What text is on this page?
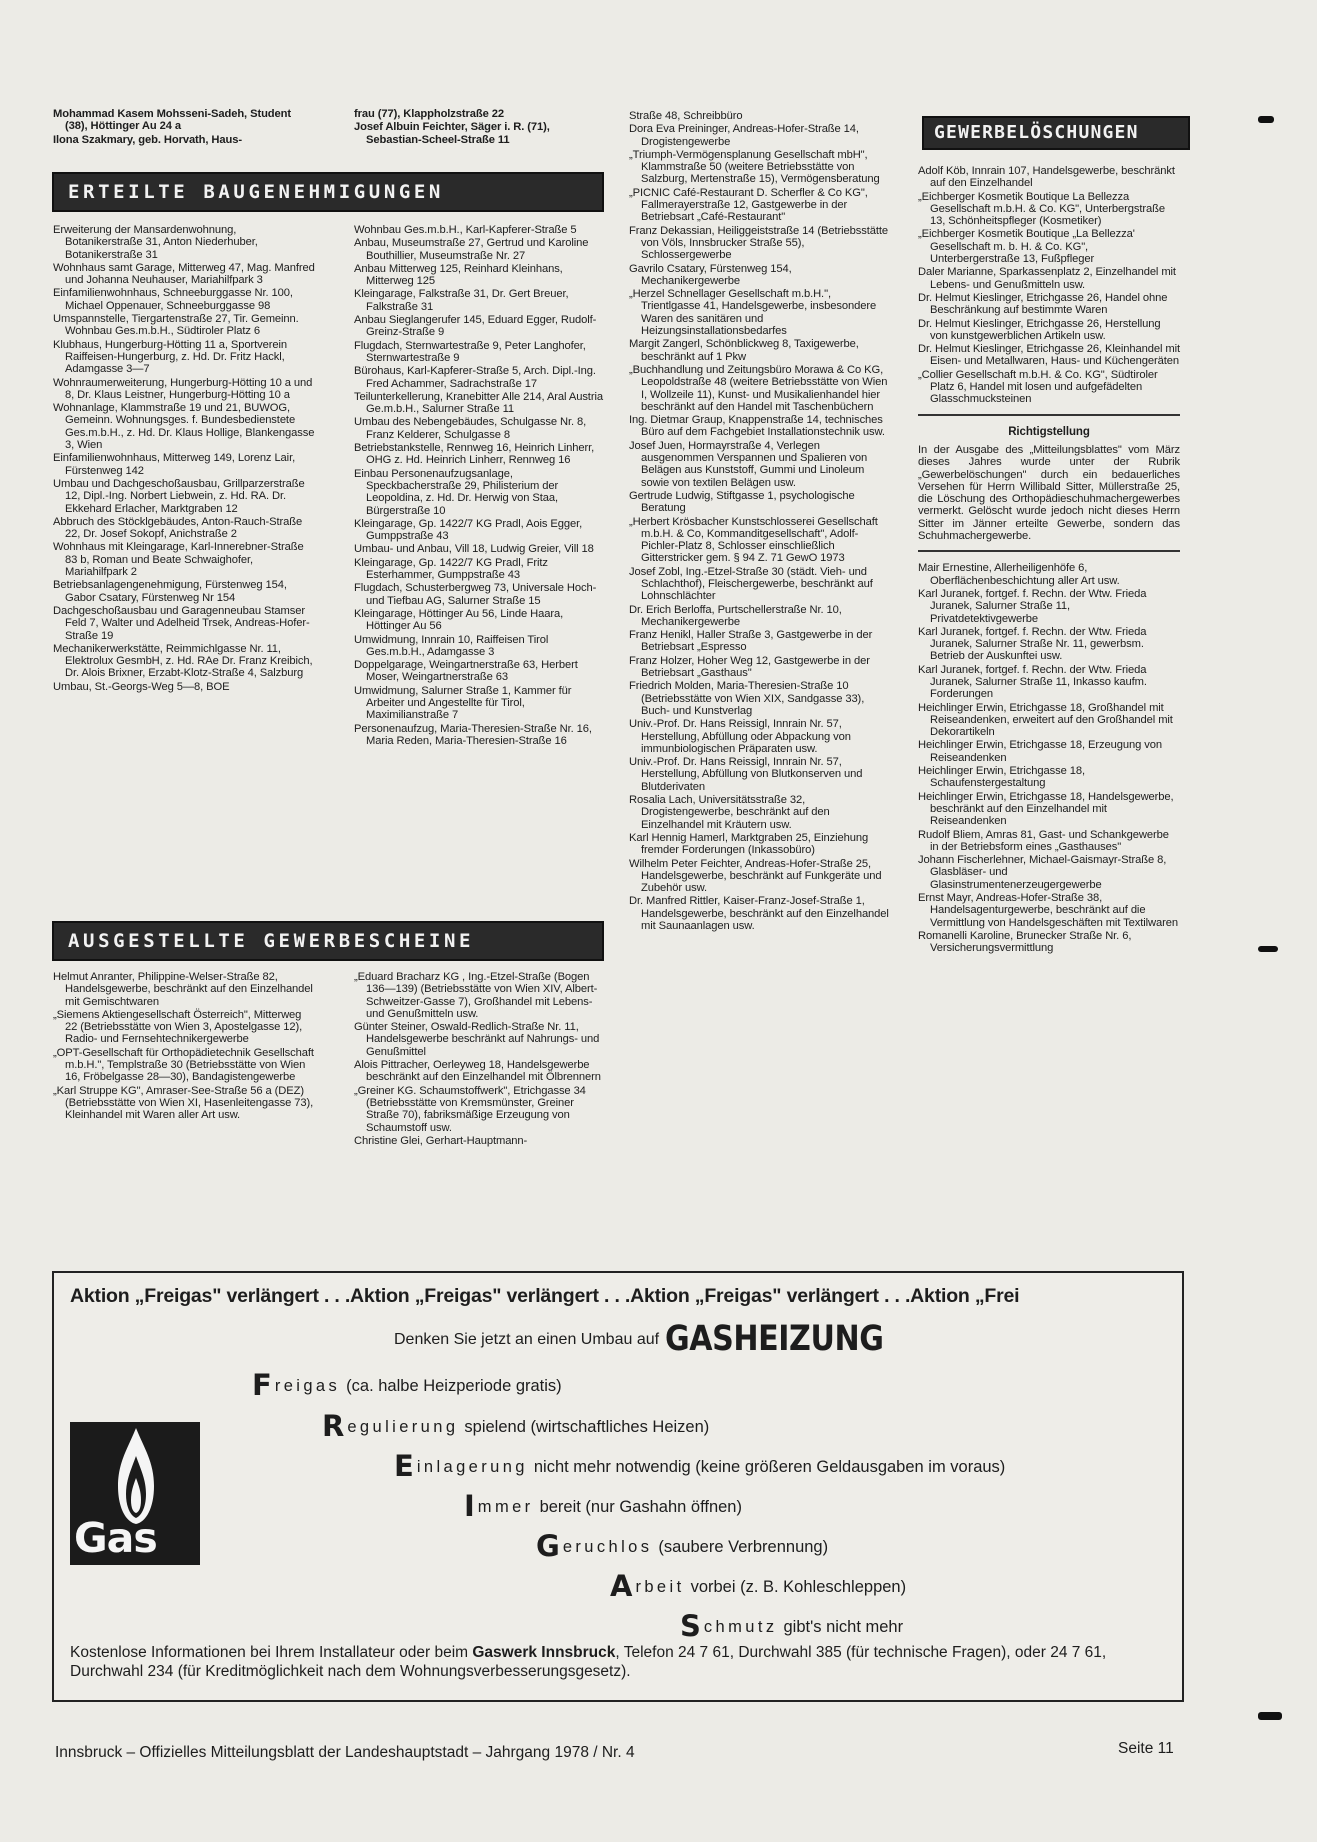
Mohammad Kasem Mohsseni-Sadeh, Student (38), Höttinger Au 24 a

Ilona Szakmary, geb. Horvath, Haus-

frau (77), Klappholzstraße 22

Josef Albuin Feichter, Säger i. R. (71), Sebastian-Scheel-Straße 11

ERTEILTE BAUGENEHMIGUNGEN

Erweiterung der Mansardenwohnung, Botanikerstraße 31, Anton Niederhuber, Botanikerstraße 31

Wohnhaus samt Garage, Mitterweg 47, Mag. Manfred und Johanna Neuhauser, Mariahilfpark 3

Einfamilienwohnhaus, Schneeburggasse Nr. 100, Michael Oppenauer, Schneeburggasse 98

Umspannstelle, Tiergartenstraße 27, Tir. Gemeinn. Wohnbau Ges.m.b.H., Südtiroler Platz 6

Klubhaus, Hungerburg-Hötting 11 a, Sportverein Raiffeisen-Hungerburg, z. Hd. Dr. Fritz Hackl, Adamgasse 3—7

Wohnraumerweiterung, Hungerburg-Hötting 10 a und 8, Dr. Klaus Leistner, Hungerburg-Hötting 10 a

Wohnanlage, Klammstraße 19 und 21, BUWOG, Gemeinn. Wohnungsges. f. Bundesbedienstete Ges.m.b.H., z. Hd. Dr. Klaus Hollige, Blankengasse 3, Wien

Einfamilienwohnhaus, Mitterweg 149, Lorenz Lair, Fürstenweg 142

Umbau und Dachgeschoßausbau, Grillparzerstraße 12, Dipl.-Ing. Norbert Liebwein, z. Hd. RA. Dr. Ekkehard Erlacher, Marktgraben 12

Abbruch des Stöcklgebäudes, Anton-Rauch-Straße 22, Dr. Josef Sokopf, Anichstraße 2

Wohnhaus mit Kleingarage, Karl-Innerebner-Straße 83 b, Roman und Beate Schwaighofer, Mariahilfpark 2

Betriebsanlagengenehmigung, Fürstenweg 154, Gabor Csatary, Fürstenweg Nr 154

Dachgeschoßausbau und Garagenneubau Stamser Feld 7, Walter und Adelheid Trsek, Andreas-Hofer-Straße 19

Mechanikerwerkstätte, Reimmichlgasse Nr. 11, Elektrolux GesmbH, z. Hd. RAe Dr. Franz Kreibich, Dr. Alois Brixner, Erzabt-Klotz-Straße 4, Salzburg

Umbau, St.-Georgs-Weg 5—8, BOE

Wohnbau Ges.m.b.H., Karl-Kapferer-Straße 5

Anbau, Museumstraße 27, Gertrud und Karoline Bouthillier, Museumstraße Nr. 27

Anbau Mitterweg 125, Reinhard Kleinhans, Mitterweg 125

Kleingarage, Falkstraße 31, Dr. Gert Breuer, Falkstraße 31

Anbau Sieglangerufer 145, Eduard Egger, Rudolf-Greinz-Straße 9

Flugdach, Sternwartestraße 9, Peter Langhofer, Sternwartestraße 9

Bürohaus, Karl-Kapferer-Straße 5, Arch. Dipl.-Ing. Fred Achammer, Sadrachstraße 17

Teilunterkellerung, Kranebitter Alle 214, Aral Austria Ge.m.b.H., Salurner Straße 11

Umbau des Nebengebäudes, Schulgasse Nr. 8, Franz Kelderer, Schulgasse 8

Betriebstankstelle, Rennweg 16, Heinrich Linherr, OHG z. Hd. Heinrich Linherr, Rennweg 16

Einbau Personenaufzugsanlage, Speckbacherstraße 29, Philisterium der Leopoldina, z. Hd. Dr. Herwig von Staa, Bürgerstraße 10

Kleingarage, Gp. 1422/7 KG Pradl, Aois Egger, Gumppstraße 43

Umbau- und Anbau, Vill 18, Ludwig Greier, Vill 18

Kleingarage, Gp. 1422/7 KG Pradl, Fritz Esterhammer, Gumppstraße 43

Flugdach, Schusterbergweg 73, Universale Hoch- und Tiefbau AG, Salurner Straße 15

Kleingarage, Höttinger Au 56, Linde Haara, Höttinger Au 56

Umwidmung, Innrain 10, Raiffeisen Tirol Ges.m.b.H., Adamgasse 3

Doppelgarage, Weingartnerstraße 63, Herbert Moser, Weingartnerstraße 63

Umwidmung, Salurner Straße 1, Kammer für Arbeiter und Angestellte für Tirol, Maximilianstraße 7

Personenaufzug, Maria-Theresien-Straße Nr. 16, Maria Reden, Maria-Theresien-Straße 16

AUSGESTELLTE GEWERBESCHEINE

Helmut Anranter, Philippine-Welser-Straße 82, Handelsgewerbe, beschränkt auf den Einzelhandel mit Gemischtwaren

„Siemens Aktiengesellschaft Österreich", Mitterweg 22 (Betriebsstätte von Wien 3, Apostelgasse 12), Radio- und Fernsehtechnikergewerbe

„OPT-Gesellschaft für Orthopädietechnik Gesellschaft m.b.H.", Templstraße 30 (Betriebsstätte von Wien 16, Fröbelgasse 28—30), Bandagistengewerbe

„Karl Struppe KG", Amraser-See-Straße 56 a (DEZ) (Betriebsstätte von Wien XI, Hasenleitengasse 73), Kleinhandel mit Waren aller Art usw.

„Eduard Bracharz KG , Ing.-Etzel-Straße (Bogen 136—139) (Betriebsstätte von Wien XIV, Albert-Schweitzer-Gasse 7), Großhandel mit Lebens- und Genußmitteln usw.

Günter Steiner, Oswald-Redlich-Straße Nr. 11, Handelsgewerbe beschränkt auf Nahrungs- und Genußmittel

Alois Pittracher, Oerleyweg 18, Handelsgewerbe beschränkt auf den Einzelhandel mit Ölbrennern

„Greiner KG. Schaumstoffwerk", Etrichgasse 34 (Betriebsstätte von Kremsmünster, Greiner Straße 70), fabriksmäßige Erzeugung von Schaumstoff usw.

Christine Glei, Gerhart-Hauptmann-

Straße 48, Schreibbüro

Dora Eva Preininger, Andreas-Hofer-Straße 14, Drogistengewerbe

„Triumph-Vermögensplanung Gesellschaft mbH", Klammstraße 50 (weitere Betriebsstätte von Salzburg, Mertenstraße 15), Vermögensberatung

„PICNIC Café-Restaurant D. Scherfler & Co KG", Fallmerayerstraße 12, Gastgewerbe in der Betriebsart „Café-Restaurant"

Franz Dekassian, Heiliggeiststraße 14 (Betriebsstätte von Völs, Innsbrucker Straße 55), Schlossergewerbe

Gavrilo Csatary, Fürstenweg 154, Mechanikergewerbe

„Herzel Schnellager Gesellschaft m.b.H.", Trientlgasse 41, Handelsgewerbe, insbesondere Waren des sanitären und Heizungsinstallationsbedarfes

Margit Zangerl, Schönblickweg 8, Taxigewerbe, beschränkt auf 1 Pkw

„Buchhandlung und Zeitungsbüro Morawa & Co KG, Leopoldstraße 48 (weitere Betriebsstätte von Wien I, Wollzeile 11), Kunst- und Musikalienhandel hier beschränkt auf den Handel mit Taschenbüchern

Ing. Dietmar Graup, Knappenstraße 14, technisches Büro auf dem Fachgebiet Installationstechnik usw.

Josef Juen, Hormayrstraße 4, Verlegen ausgenommen Verspannen und Spalieren von Belägen aus Kunststoff, Gummi und Linoleum sowie von textilen Belägen usw.

Gertrude Ludwig, Stiftgasse 1, psychologische Beratung

„Herbert Krösbacher Kunstschlosserei Gesellschaft m.b.H. & Co, Kommanditgesellschaft", Adolf-Pichler-Platz 8, Schlosser einschließlich Gitterstricker gem. § 94 Z. 71 GewO 1973

Josef Zobl, Ing.-Etzel-Straße 30 (städt. Vieh- und Schlachthof), Fleischergewerbe, beschränkt auf Lohnschlächter

Dr. Erich Berloffa, Purtschellerstraße Nr. 10, Mechanikergewerbe

Franz Henikl, Haller Straße 3, Gastgewerbe in der Betriebsart „Espresso

Franz Holzer, Hoher Weg 12, Gastgewerbe in der Betriebsart „Gasthaus"

Friedrich Molden, Maria-Theresien-Straße 10 (Betriebsstätte von Wien XIX, Sandgasse 33), Buch- und Kunstverlag

Univ.-Prof. Dr. Hans Reissigl, Innrain Nr. 57, Herstellung, Abfüllung oder Abpackung von immunbiologischen Präparaten usw.

Univ.-Prof. Dr. Hans Reissigl, Innrain Nr. 57, Herstellung, Abfüllung von Blutkonserven und Blutderivaten

Rosalia Lach, Universitätsstraße 32, Drogistengewerbe, beschränkt auf den Einzelhandel mit Kräutern usw.

Karl Hennig Hamerl, Marktgraben 25, Einziehung fremder Forderungen (Inkassobüro)

Wilhelm Peter Feichter, Andreas-Hofer-Straße 25, Handelsgewerbe, beschränkt auf Funkgeräte und Zubehör usw.

Dr. Manfred Rittler, Kaiser-Franz-Josef-Straße 1, Handelsgewerbe, beschränkt auf den Einzelhandel mit Saunaanlagen usw.

GEWERBELÖSCHUNGEN

Adolf Köb, Innrain 107, Handelsgewerbe, beschränkt auf den Einzelhandel

„Eichberger Kosmetik Boutique La Bellezza Gesellschaft m.b.H. & Co. KG", Unterbergstraße 13, Schönheitspfleger (Kosmetiker)

„Eichberger Kosmetik Boutique „La Bellezza' Gesellschaft m. b. H. & Co. KG", Unterbergerstraße 13, Fußpfleger

Daler Marianne, Sparkassenplatz 2, Einzelhandel mit Lebens- und Genußmitteln usw.

Dr. Helmut Kieslinger, Etrichgasse 26, Handel ohne Beschränkung auf bestimmte Waren

Dr. Helmut Kieslinger, Etrichgasse 26, Herstellung von kunstgewerblichen Artikeln usw.

Dr. Helmut Kieslinger, Etrichgasse 26, Kleinhandel mit Eisen- und Metallwaren, Haus- und Küchengeräten

„Collier Gesellschaft m.b.H. & Co. KG", Südtiroler Platz 6, Handel mit losen und aufgefädelten Glasschmucksteinen

Richtigstellung
In der Ausgabe des „Mitteilungsblattes" vom März dieses Jahres wurde unter der Rubrik „Gewerbelöschungen" durch ein bedauerliches Versehen für Herrn Willibald Sitter, Müllerstraße 25, die Löschung des Orthopädieschuhmachergewerbes vermerkt. Gelöscht wurde jedoch nicht dieses Herrn Sitter im Jänner erteilte Gewerbe, sondern das Schuhmachergewerbe.

Mair Ernestine, Allerheiligenhöfe 6, Oberflächenbeschichtung aller Art usw.

Karl Juranek, fortgef. f. Rechn. der Wtw. Frieda Juranek, Salurner Straße 11, Privatdetektivgewerbe

Karl Juranek, fortgef. f. Rechn. der Wtw. Frieda Juranek, Salurner Straße Nr. 11, gewerbsm. Betrieb der Auskunftei usw.

Karl Juranek, fortgef. f. Rechn. der Wtw. Frieda Juranek, Salurner Straße 11, Inkasso kaufm. Forderungen

Heichlinger Erwin, Etrichgasse 18, Großhandel mit Reiseandenken, erweitert auf den Großhandel mit Dekorartikeln

Heichlinger Erwin, Etrichgasse 18, Erzeugung von Reiseandenken

Heichlinger Erwin, Etrichgasse 18, Schaufenstergestaltung

Heichlinger Erwin, Etrichgasse 18, Handelsgewerbe, beschränkt auf den Einzelhandel mit Reiseandenken

Rudolf Bliem, Amras 81, Gast- und Schankgewerbe in der Betriebsform eines „Gasthauses"

Johann Fischerlehner, Michael-Gaismayr-Straße 8, Glasbläser- und Glasinstrumentenerzeugergewerbe

Ernst Mayr, Andreas-Hofer-Straße 38, Handelsagenturgewerbe, beschränkt auf die Vermittlung von Handelsgeschäften mit Textilwaren

Romanelli Karoline, Brunecker Straße Nr. 6, Versicherungsvermittlung

Aktion „Freigas" verlängert . . .Aktion „Freigas" verlängert . . .Aktion „Freigas" verlängert . . .Aktion „Frei
Denken Sie jetzt an einen Umbau auf GASHEIZUNG
Gas
Freigas (ca. halbe Heizperiode gratis)
Regulierung spielend (wirtschaftliches Heizen)
Einlagerung nicht mehr notwendig (keine größeren Geldausgaben im voraus)
Immer bereit (nur Gashahn öffnen)
Geruchlos (saubere Verbrennung)
Arbeit vorbei (z. B. Kohleschleppen)
Schmutz gibt's nicht mehr
Kostenlose Informationen bei Ihrem Installateur oder beim Gaswerk Innsbruck, Telefon 24 7 61, Durchwahl 385 (für technische Fragen), oder 24 7 61, Durchwahl 234 (für Kreditmöglichkeit nach dem Wohnungsverbesserungsgesetz).
Innsbruck – Offizielles Mitteilungsblatt der Landeshauptstadt – Jahrgang 1978 / Nr. 4	Seite 11
